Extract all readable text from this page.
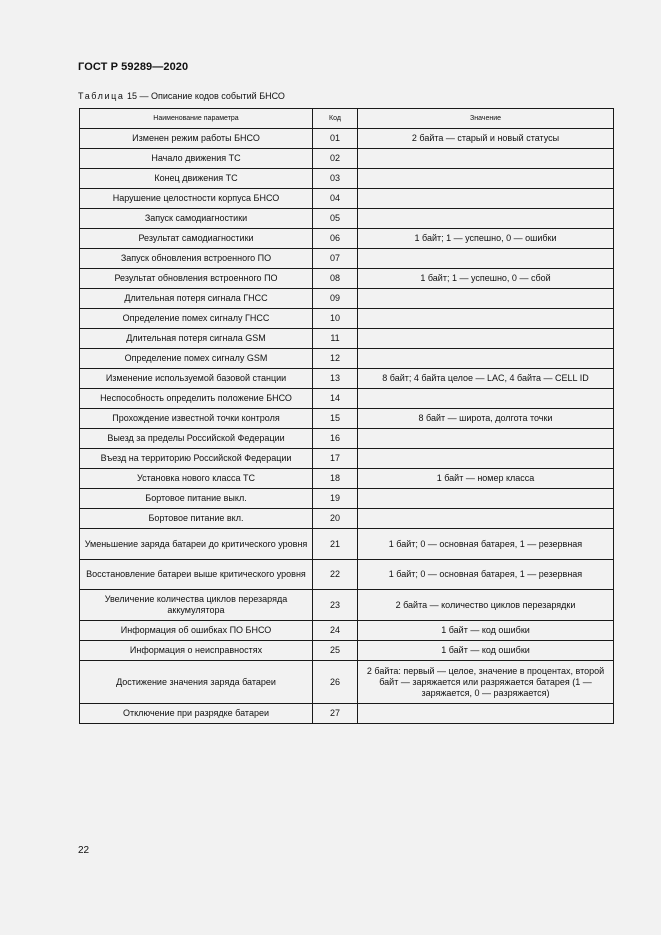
ГОСТ Р 59289—2020
Таблица 15 — Описание кодов событий БНСО
Наименование параметра	Код	Значение
Изменен режим работы БНСО	01	2 байта — старый и новый статусы
Начало движения ТС	02	
Конец движения ТС	03	
Нарушение целостности корпуса БНСО	04	
Запуск самодиагностики	05	
Результат самодиагностики	06	1 байт; 1 — успешно, 0 — ошибки
Запуск обновления встроенного ПО	07	
Результат обновления встроенного ПО	08	1 байт; 1 — успешно, 0 — сбой
Длительная потеря сигнала ГНСС	09	
Определение помех сигналу ГНСС	10	
Длительная потеря сигнала GSM	11	
Определение помех сигналу GSM	12	
Изменение используемой базовой станции	13	8 байт; 4 байта целое — LAC, 4 байта — CELL ID
Неспособность определить положение БНСО	14	
Прохождение известной точки контроля	15	8 байт — широта, долгота точки
Выезд за пределы Российской Федерации	16	
Въезд на территорию Российской Федерации	17	
Установка нового класса ТС	18	1 байт — номер класса
Бортовое питание выкл.	19	
Бортовое питание вкл.	20	
Уменьшение заряда батареи до критического уровня	21	1 байт; 0 — основная батарея, 1 — резервная
Восстановление батареи выше критического уровня	22	1 байт; 0 — основная батарея, 1 — резервная
Увеличение количества циклов перезаряда аккумулятора	23	2 байта — количество циклов перезарядки
Информация об ошибках ПО БНСО	24	1 байт — код ошибки
Информация о неисправностях	25	1 байт — код ошибки
Достижение значения заряда батареи	26	2 байта: первый — целое, значение в процентах, второй байт — заряжается или разряжается батарея (1 — заряжается, 0 — разряжается)
Отключение при разрядке батареи	27	
22
